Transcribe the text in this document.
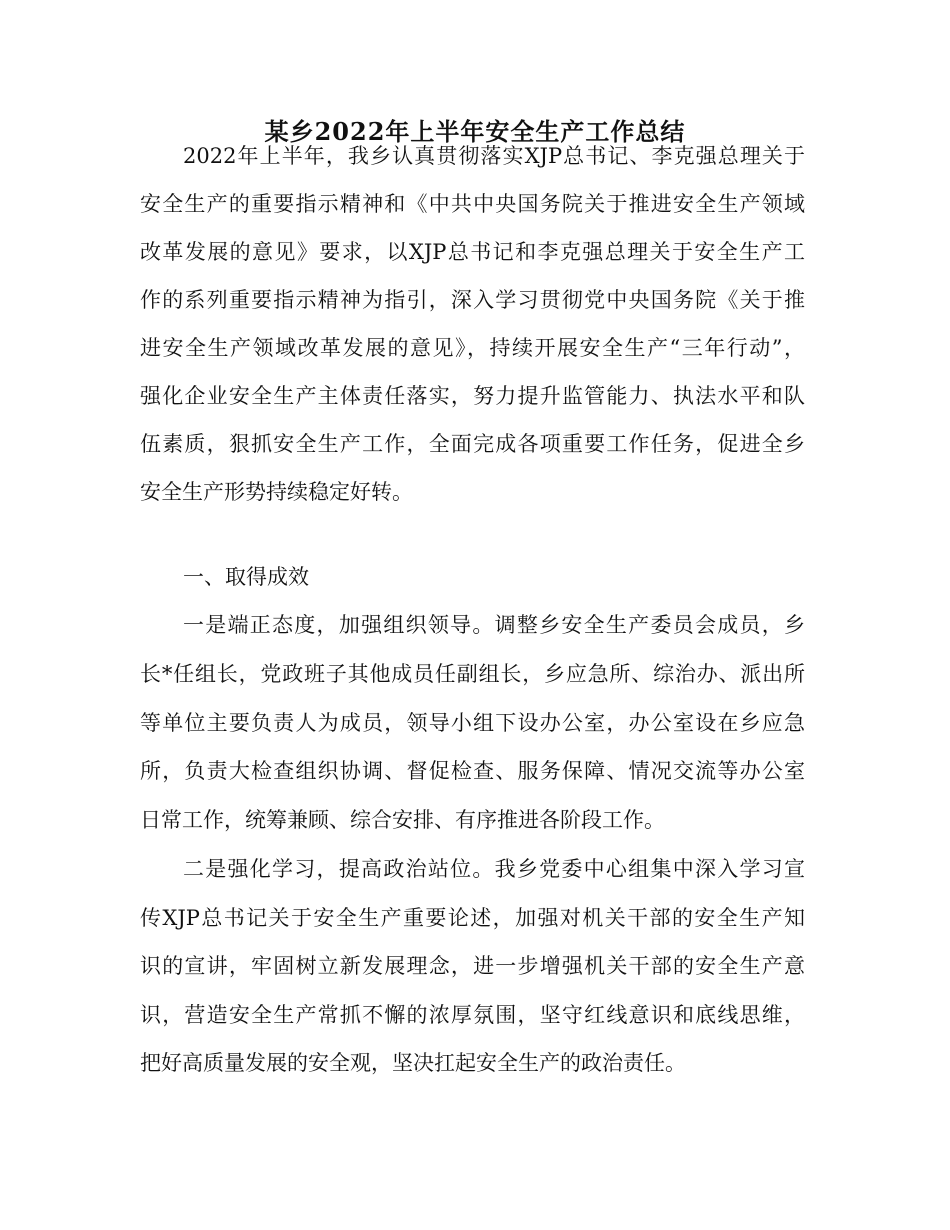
某乡2022年上半年安全生产工作总结
2022年上半年，我乡认真贯彻落实XJP总书记、李克强总理关于
安全生产的重要指示精神和《中共中央国务院关于推进安全生产领域
改革发展的意见》要求，以XJP总书记和李克强总理关于安全生产工
作的系列重要指示精神为指引，深入学习贯彻党中央国务院《关于推
进安全生产领域改革发展的意见》，持续开展安全生产“三年行动”，
强化企业安全生产主体责任落实，努力提升监管能力、执法水平和队
伍素质，狠抓安全生产工作，全面完成各项重要工作任务，促进全乡
安全生产形势持续稳定好转。
一、取得成效
一是端正态度，加强组织领导。调整乡安全生产委员会成员，乡
长*任组长，党政班子其他成员任副组长，乡应急所、综治办、派出所
等单位主要负责人为成员，领导小组下设办公室，办公室设在乡应急
所，负责大检查组织协调、督促检查、服务保障、情况交流等办公室
日常工作，统筹兼顾、综合安排、有序推进各阶段工作。
二是强化学习，提高政治站位。我乡党委中心组集中深入学习宣
传XJP总书记关于安全生产重要论述，加强对机关干部的安全生产知
识的宣讲，牢固树立新发展理念，进一步增强机关干部的安全生产意
识，营造安全生产常抓不懈的浓厚氛围，坚守红线意识和底线思维，
把好高质量发展的安全观，坚决扛起安全生产的政治责任。
